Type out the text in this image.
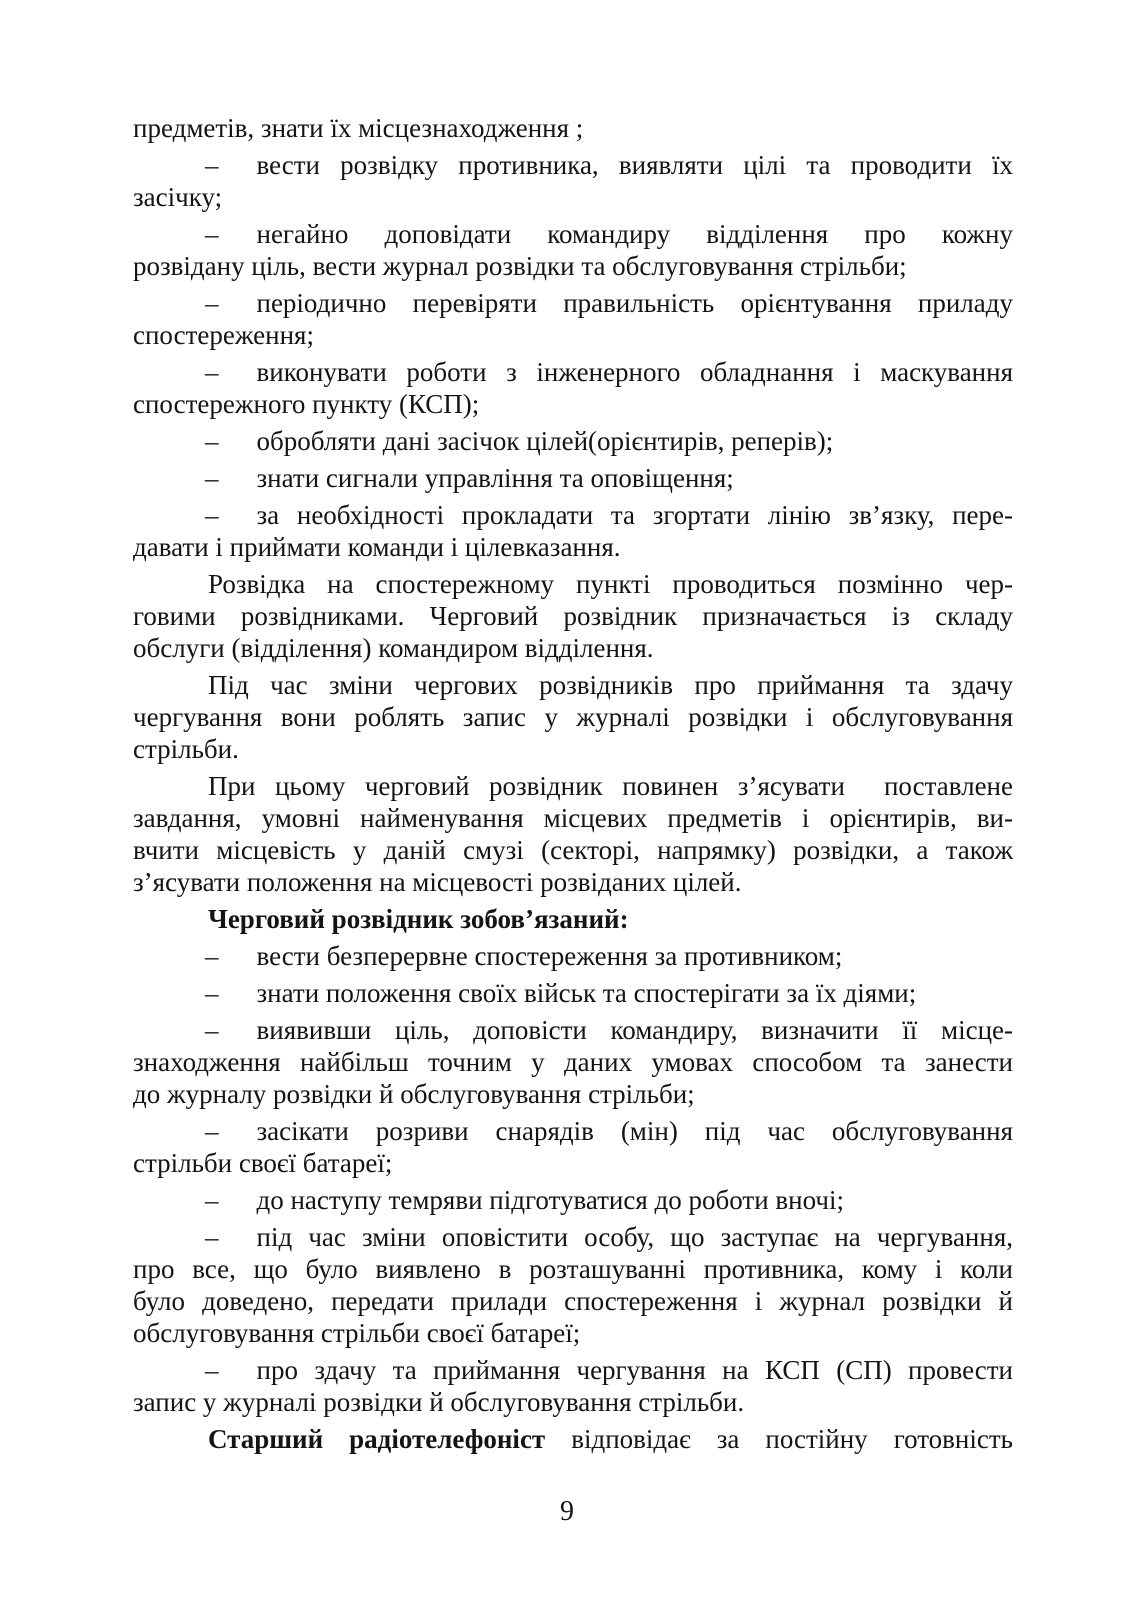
предметів, знати їх місцезнаходження ;
– вести розвідку противника, виявляти цілі та проводити їх
засічку;
– негайно доповідати командиру відділення про кожну
розвідану ціль, вести журнал розвідки та обслуговування стрільби;
– періодично перевіряти правильність орієнтування приладу
спостереження;
– виконувати роботи з інженерного обладнання і маскування
спостережного пункту (КСП);
– обробляти дані засічок цілей(орієнтирів, реперів);
– знати сигнали управління та оповіщення;
– за необхідності прокладати та згортати лінію зв’язку, пере-
давати і приймати команди і цілевказання.
Розвідка на спостережному пункті проводиться позмінно чер-
говими розвідниками. Черговий розвідник призначається із складу
обслуги (відділення) командиром відділення.
Під час зміни чергових розвідників про приймання та здачу
чергування вони роблять запис у журналі розвідки і обслуговування
стрільби.
При цьому черговий розвідник повинен з’ясувати  поставлене
завдання, умовні найменування місцевих предметів і орієнтирів, ви-
вчити місцевість у даній смузі (секторі, напрямку) розвідки, а також
з’ясувати положення на місцевості розвіданих цілей.
Черговий розвідник зобов’язаний:
– вести безперервне спостереження за противником;
– знати положення своїх військ та спостерігати за їх діями;
– виявивши ціль, доповісти командиру, визначити її місце-
знаходження найбільш точним у даних умовах способом та занести
до журналу розвідки й обслуговування стрільби;
– засікати розриви снарядів (мін) під час обслуговування
стрільби своєї батареї;
– до наступу темряви підготуватися до роботи вночі;
– під час зміни оповістити особу, що заступає на чергування,
про все, що було виявлено в розташуванні противника, кому і коли
було доведено, передати прилади спостереження і журнал розвідки й
обслуговування стрільби своєї батареї;
– про здачу та приймання чергування на КСП (СП) провести
запис у журналі розвідки й обслуговування стрільби.
Старший радіотелефоніст відповідає за постійну готовність
9
